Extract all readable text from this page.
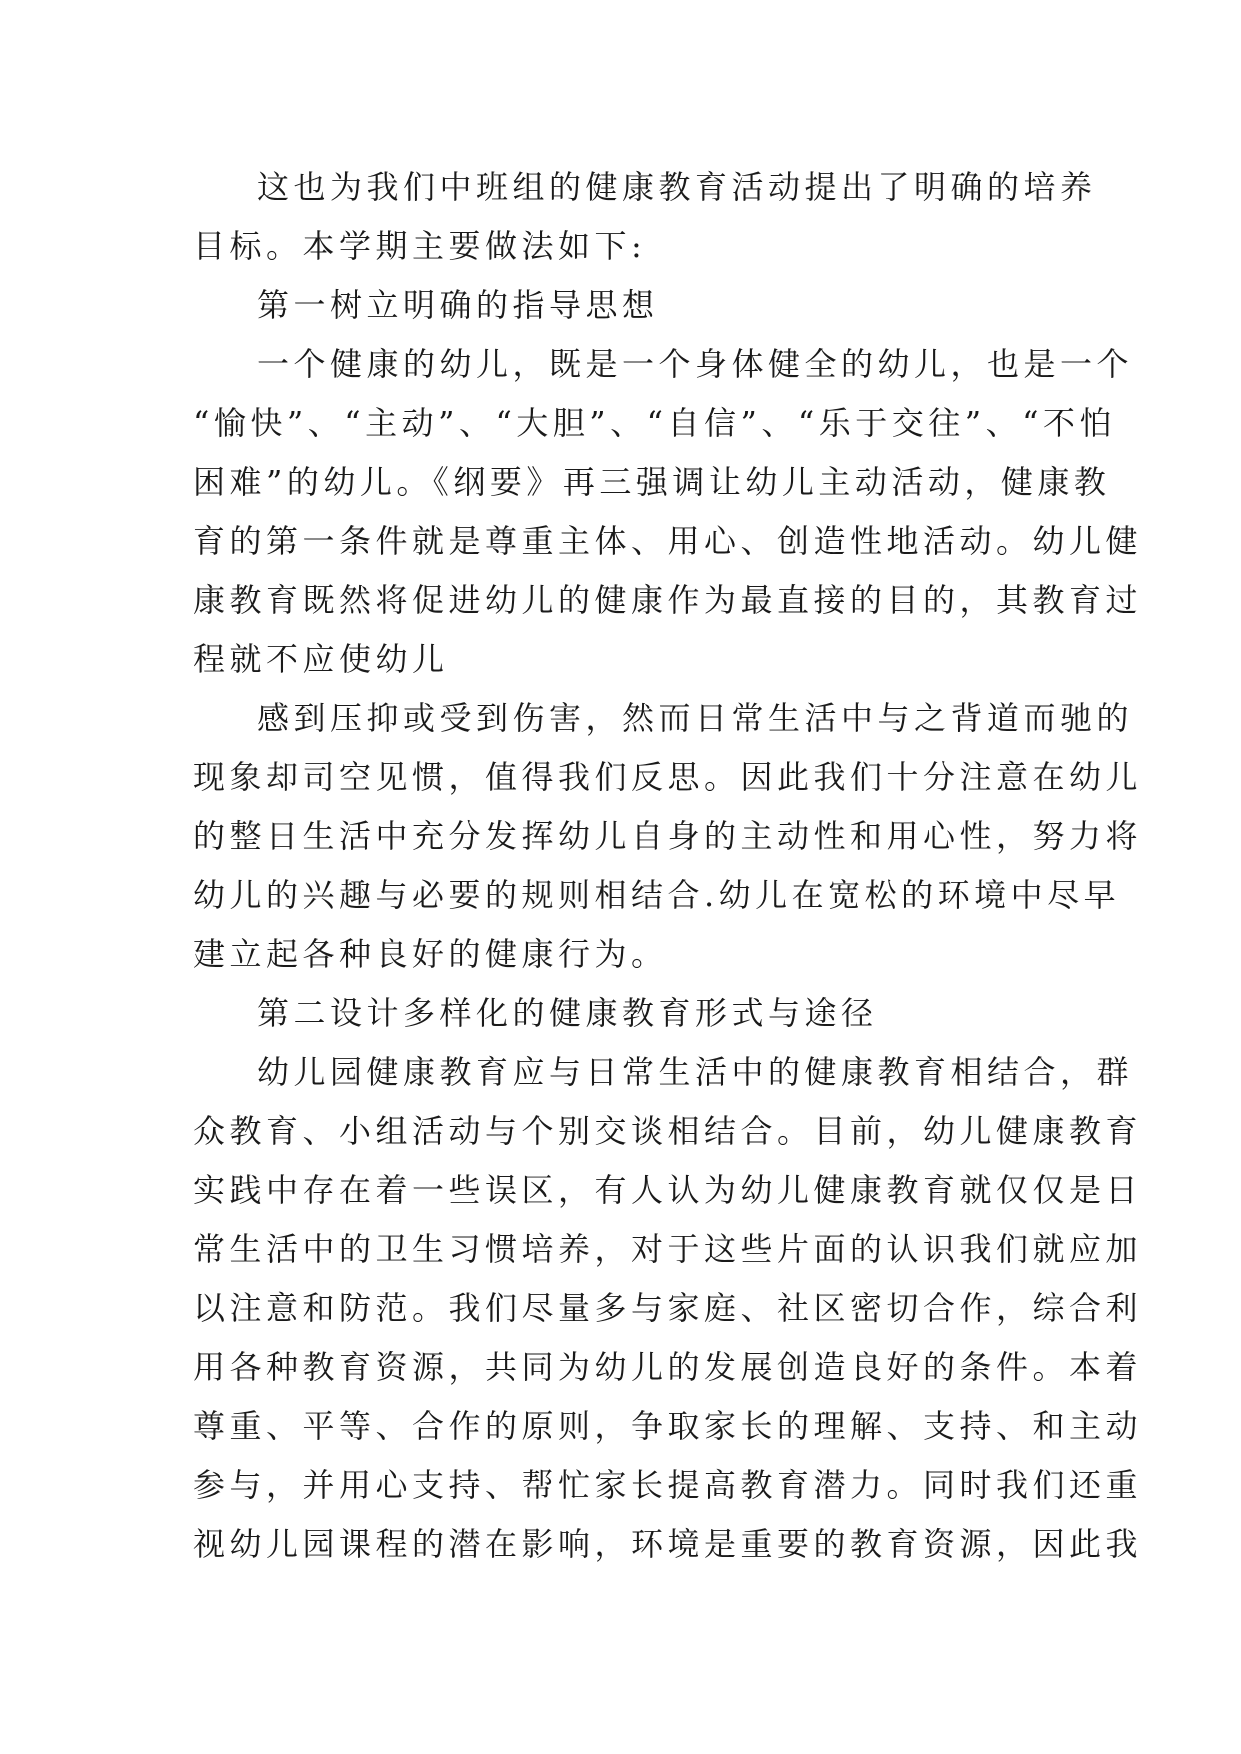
这也为我们中班组的健康教育活动提出了明确的培养
目标。本学期主要做法如下:

第一树立明确的指导思想

一个健康的幼儿，既是一个身体健全的幼儿，也是一个
“愉快”、“主动”、“大胆”、“自信”、“乐于交往”、“不怕
困难”的幼儿。《纲要》再三强调让幼儿主动活动，健康教
育的第一条件就是尊重主体、用心、创造性地活动。幼儿健
康教育既然将促进幼儿的健康作为最直接的目的，其教育过
程就不应使幼儿

感到压抑或受到伤害，然而日常生活中与之背道而驰的
现象却司空见惯，值得我们反思。因此我们十分注意在幼儿
的整日生活中充分发挥幼儿自身的主动性和用心性，努力将
幼儿的兴趣与必要的规则相结合.幼儿在宽松的环境中尽早
建立起各种良好的健康行为。

第二设计多样化的健康教育形式与途径

幼儿园健康教育应与日常生活中的健康教育相结合，群
众教育、小组活动与个别交谈相结合。目前，幼儿健康教育
实践中存在着一些误区，有人认为幼儿健康教育就仅仅是日
常生活中的卫生习惯培养，对于这些片面的认识我们就应加
以注意和防范。我们尽量多与家庭、社区密切合作，综合利
用各种教育资源，共同为幼儿的发展创造良好的条件。本着
尊重、平等、合作的原则，争取家长的理解、支持、和主动
参与，并用心支持、帮忙家长提高教育潜力。同时我们还重
视幼儿园课程的潜在影响，环境是重要的教育资源，因此我
